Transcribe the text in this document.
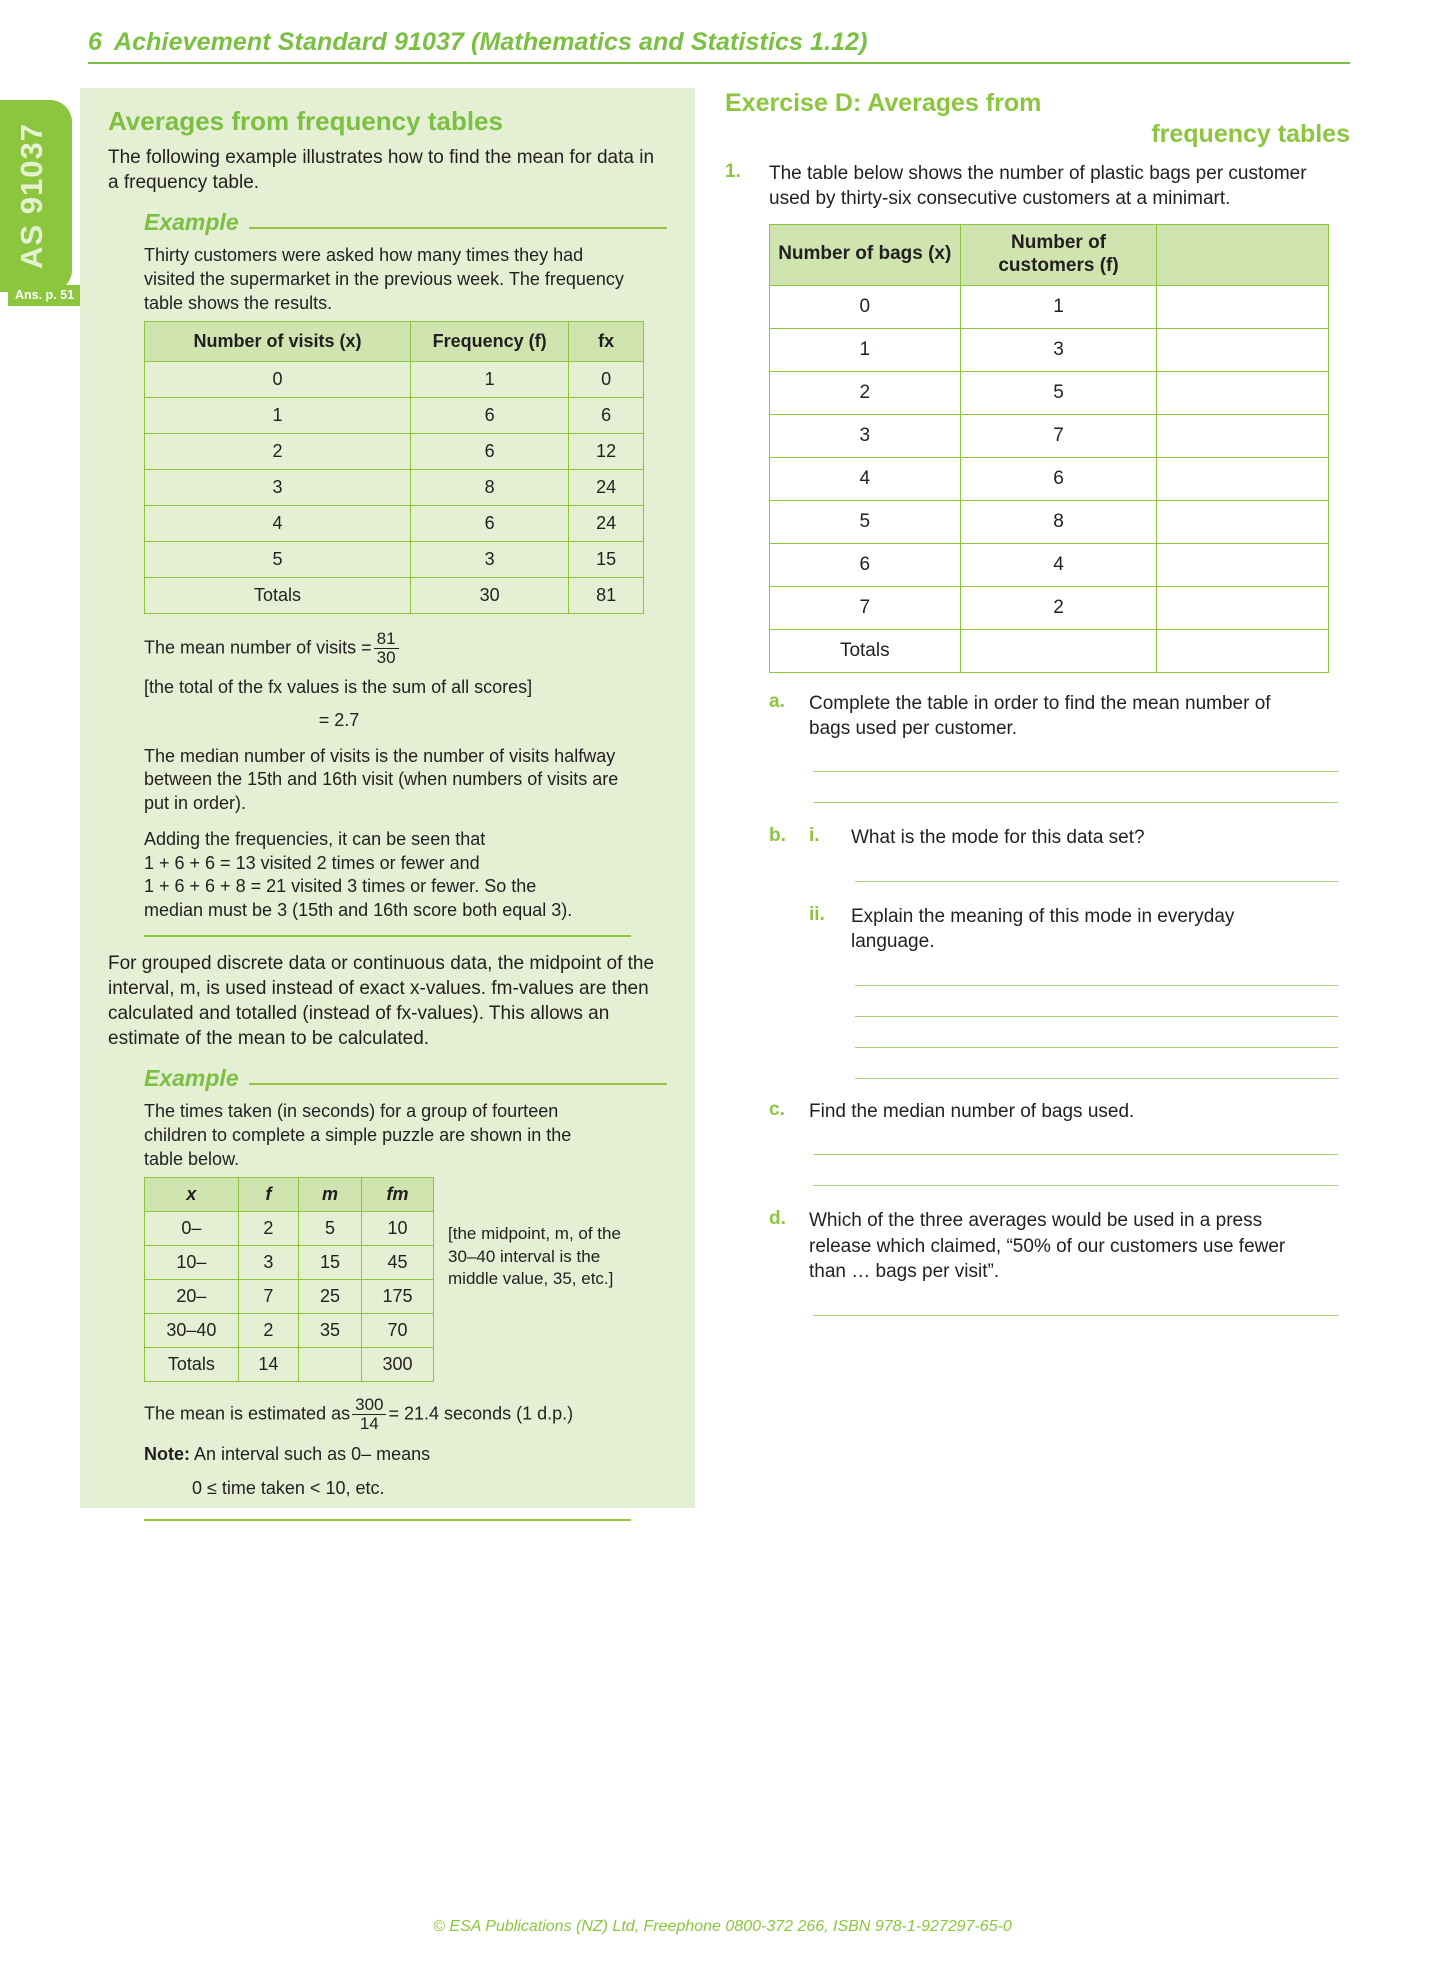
6 Achievement Standard 91037 (Mathematics and Statistics 1.12)
AS 91037
Ans. p. 51
Averages from frequency tables
The following example illustrates how to find the mean for data in a frequency table.
Example
Thirty customers were asked how many times they had visited the supermarket in the previous week. The frequency table shows the results.
Number of visits (x)	Frequency (f)	fx
0	1	0
1	6	6
2	6	12
3	8	24
4	6	24
5	3	15
Totals	30	81
The mean number of visits = $\frac{81}{30}$
[the total of the fx values is the sum of all scores]
= 2.7
The median number of visits is the number of visits halfway between the 15th and 16th visit (when numbers of visits are put in order).
Adding the frequencies, it can be seen that
1 + 6 + 6 = 13 visited 2 times or fewer and
1 + 6 + 6 + 8 = 21 visited 3 times or fewer. So the
median must be 3 (15th and 16th score both equal 3).
For grouped discrete data or continuous data, the midpoint of the interval, m, is used instead of exact x-values. fm-values are then calculated and totalled (instead of fx-values). This allows an estimate of the mean to be calculated.
Example
The times taken (in seconds) for a group of fourteen children to complete a simple puzzle are shown in the table below.
x	f	m	fm
0–	2	5	10
10–	3	15	45
20–	7	25	175
30–40	2	35	70
Totals	14		300
[the midpoint, m, of the 30–40 interval is the middle value, 35, etc.]
The mean is estimated as $\frac{300}{14} = 21.4$ seconds (1 d.p.)
Note: An interval such as 0– means
0 ≤ time taken < 10, etc.
Exercise D: Averages from
frequency tables
1.	The table below shows the number of plastic bags per customer used by thirty-six consecutive customers at a minimart.
Number of bags (x)	Number of customers (f)	
0	1	
1	3	
2	5	
3	7	
4	6	
5	8	
6	4	
7	2	
Totals		
a.	Complete the table in order to find the mean number of bags used per customer.
b.	i.	What is the mode for this data set?
ii.	Explain the meaning of this mode in everyday language.
c.	Find the median number of bags used.
d.	Which of the three averages would be used in a press release which claimed, “50% of our customers use fewer than … bags per visit”.
© ESA Publications (NZ) Ltd, Freephone 0800-372 266, ISBN 978-1-927297-65-0
